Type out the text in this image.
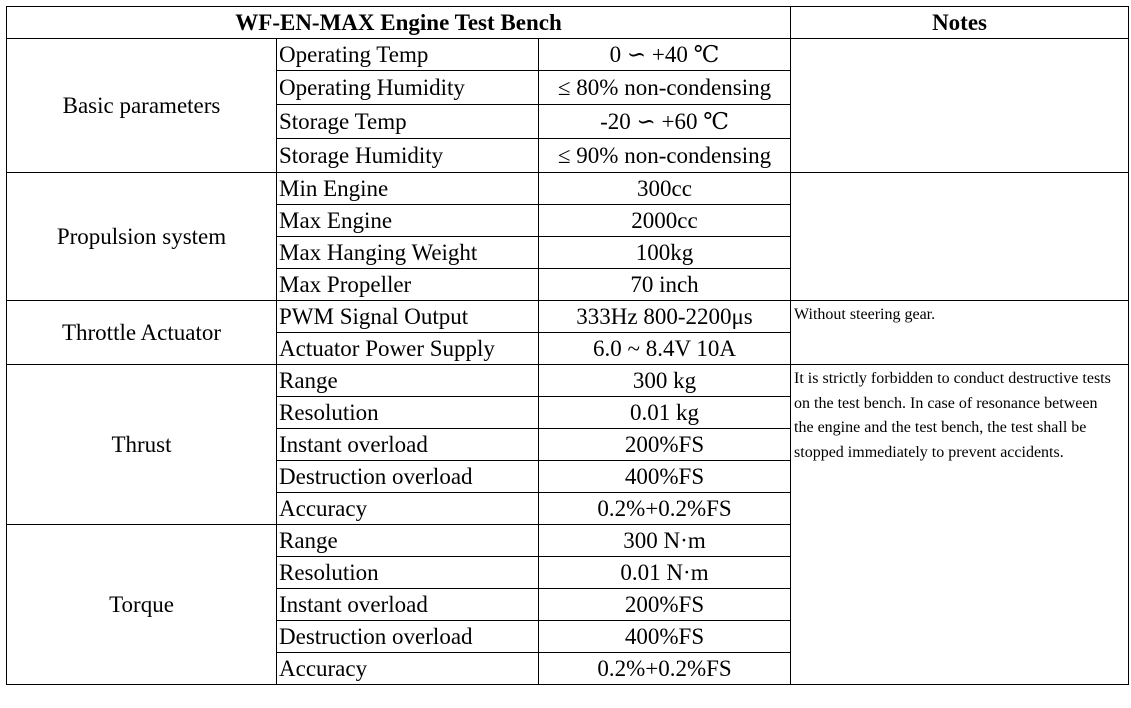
WF-EN-MAX Engine Test Bench			Notes
Basic parameters	Operating Temp	0 ∽ +40 ℃	
	Operating Humidity	≤ 80% non-condensing	
	Storage Temp	-20 ∽ +60 ℃	
	Storage Humidity	≤ 90% non-condensing	
Propulsion system	Min Engine	300cc	
	Max Engine	2000cc	
	Max Hanging Weight	100kg	
	Max Propeller	70 inch	
Throttle Actuator	PWM Signal Output	333Hz 800-2200μs	Without steering gear.
	Actuator Power Supply	6.0 ~ 8.4V 10A	
Thrust	Range	300 kg	It is strictly forbidden to conduct destructive tests on the test bench. In case of resonance between the engine and the test bench, the test shall be stopped immediately to prevent accidents.
	Resolution	0.01 kg	
	Instant overload	200%FS	
	Destruction overload	400%FS	
	Accuracy	0.2%+0.2%FS	
Torque	Range	300 N·m	
	Resolution	0.01 N·m	
	Instant overload	200%FS	
	Destruction overload	400%FS	
	Accuracy	0.2%+0.2%FS	
